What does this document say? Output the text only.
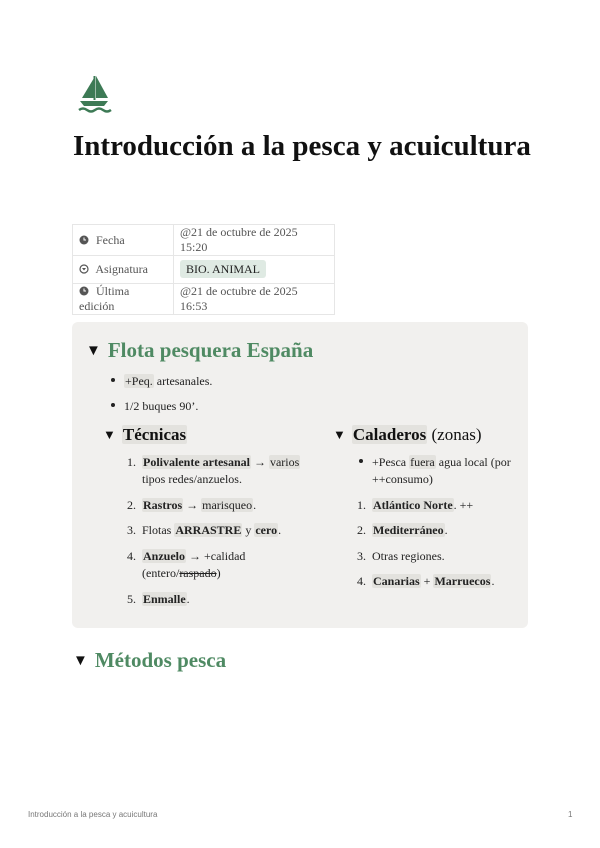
Introducción a la pesca y acuicultura
Fecha	@21 de octubre de 2025 15:20
Asignatura	BIO. ANIMAL
Última edición	@21 de octubre de 2025 16:53
▼ Flota pesquera España
+Peq. artesanales.
1/2 buques 90’.
▼ Técnicas
1. Polivalente artesanal → varios
tipos redes/anzuelos.
2. Rastros → marisqueo.
3. Flotas ARRASTRE y cero.
4. Anzuelo → +calidad
(entero/raspado)
5. Enmalle.
▼ Caladeros (zonas)
+Pesca fuera agua local (por
++consumo)
1. Atlántico Norte. ++
2. Mediterráneo.
3. Otras regiones.
4. Canarias + Marruecos.
▼ Métodos pesca
Introducción a la pesca y acuicultura	1
